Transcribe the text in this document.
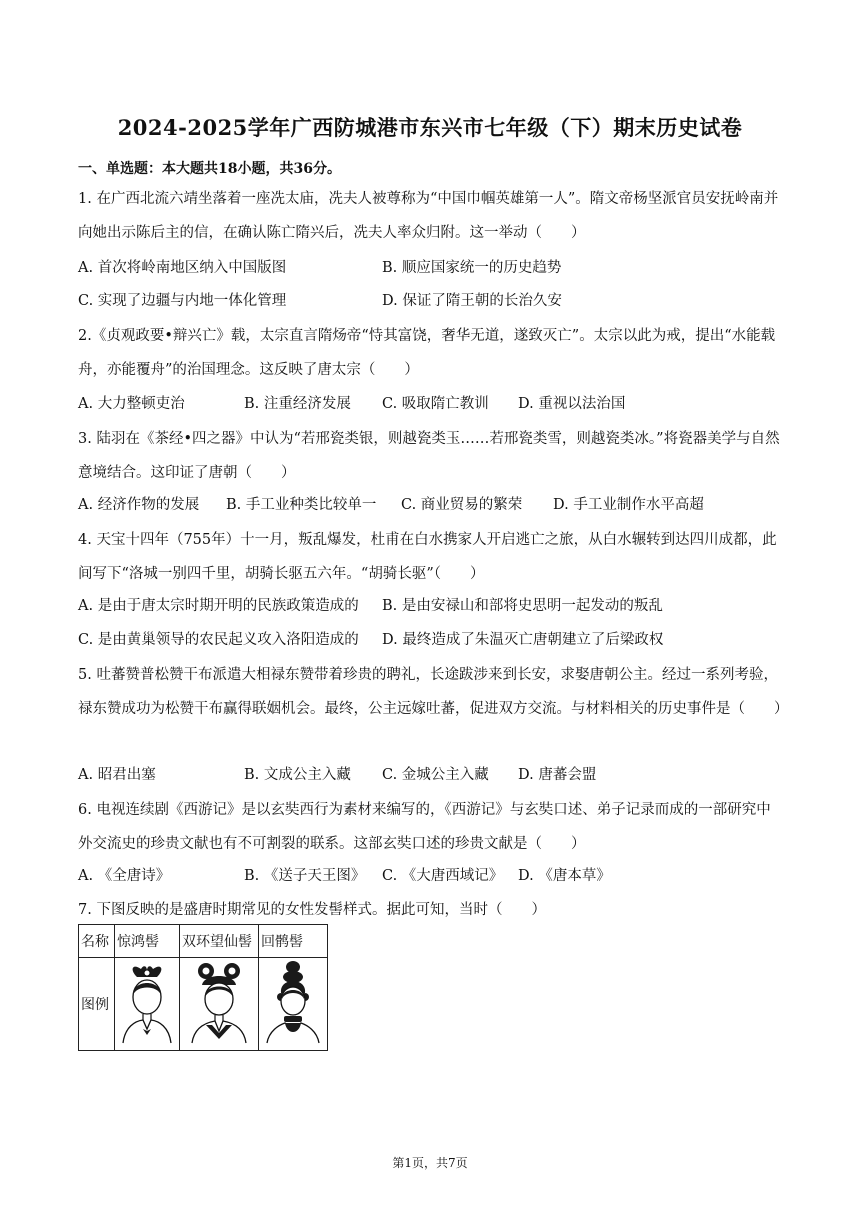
2024-2025学年广西防城港市东兴市七年级（下）期末历史试卷
一、单选题：本大题共18小题，共36分。
1. 在广西北流六靖坐落着一座冼太庙，冼夫人被尊称为“中国巾帼英雄第一人”。隋文帝杨坚派官员安抚岭南并向她出示陈后主的信，在确认陈亡隋兴后，冼夫人率众归附。这一举动（　　）
A. 首次将岭南地区纳入中国版图	B. 顺应国家统一的历史趋势
C. 实现了边疆与内地一体化管理	D. 保证了隋王朝的长治久安
2.《贞观政要•辩兴亡》载，太宗直言隋炀帝“恃其富饶，奢华无道，遂致灭亡”。太宗以此为戒，提出“水能载舟，亦能覆舟”的治国理念。这反映了唐太宗（　　）
A. 大力整顿吏治	B. 注重经济发展 C. 吸取隋亡教训 D. 重视以法治国
3. 陆羽在《茶经•四之器》中认为“若邢瓷类银，则越瓷类玉……若邢瓷类雪，则越瓷类冰。”将瓷器美学与自然意境结合。这印证了唐朝（　　）
A. 经济作物的发展 B. 手工业种类比较单一 C. 商业贸易的繁荣 D. 手工业制作水平高超
4. 天宝十四年（755年）十一月，叛乱爆发，杜甫在白水携家人开启逃亡之旅，从白水辗转到达四川成都，此间写下“洛城一别四千里，胡骑长驱五六年。“胡骑长驱”（　　）
A. 是由于唐太宗时期开明的民族政策造成的 B. 是由安禄山和部将史思明一起发动的叛乱
C. 是由黄巢领导的农民起义攻入洛阳造成的 D. 最终造成了朱温灭亡唐朝建立了后梁政权
5. 吐蕃赞普松赞干布派遣大相禄东赞带着珍贵的聘礼，长途跋涉来到长安，求娶唐朝公主。经过一系列考验，禄东赞成功为松赞干布赢得联姻机会。最终，公主远嫁吐蕃，促进双方交流。与材料相关的历史事件是（　　）
A. 昭君出塞	B. 文成公主入藏 C. 金城公主入藏 D. 唐蕃会盟
6. 电视连续剧《西游记》是以玄奘西行为素材来编写的，《西游记》与玄奘口述、弟子记录而成的一部研究中外交流史的珍贵文献也有不可割裂的联系。这部玄奘口述的珍贵文献是（　　）
A. 《全唐诗》	B. 《送子天王图》 C. 《大唐西域记》 D. 《唐本草》
7. 下图反映的是盛唐时期常见的女性发髻样式。据此可知，当时（　　）
名称	惊鸿髻	双环望仙髻	回鹘髻
图例			
第1页，共7页
